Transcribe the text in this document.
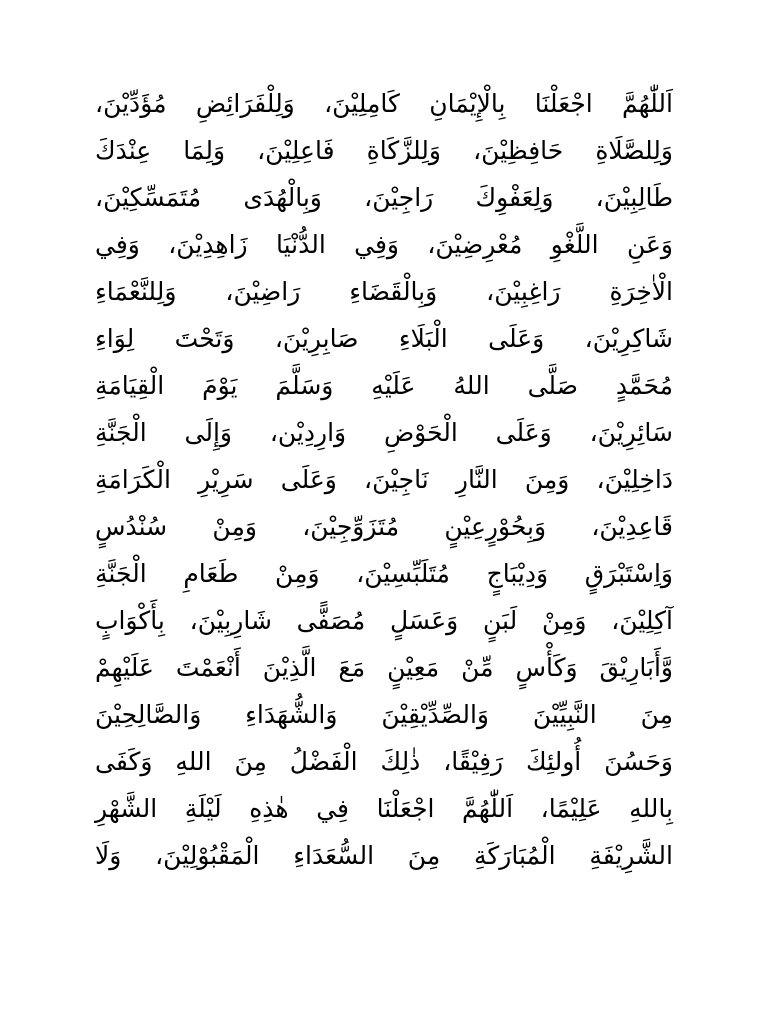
اَللّٰهُمَّ اجْعَلْنَا بِالْإِيْمَانِ كَامِلِيْنَ، وَلِلْفَرَائِضِ مُؤَدِّيْنَ،
وَلِلصَّلَاةِ حَافِظِيْنَ، وَلِلزَّكَاةِ فَاعِلِيْنَ، وَلِمَا عِنْدَكَ
طَالِبِيْنَ، وَلِعَفْوِكَ رَاجِيْنَ، وَبِالْهُدَى مُتَمَسِّكِيْنَ،
وَعَنِ اللَّغْوِ مُعْرِضِيْنَ، وَفِي الدُّنْيَا زَاهِدِيْنَ، وَفِي
الْاٰخِرَةِ رَاغِبِيْنَ، وَبِالْقَضَاءِ رَاضِيْنَ، وَلِلنَّعْمَاءِ
شَاكِرِيْنَ، وَعَلَى الْبَلَاءِ صَابِرِيْنَ، وَتَحْتَ لِوَاءِ
مُحَمَّدٍ صَلَّى اللهُ عَلَيْهِ وَسَلَّمَ يَوْمَ الْقِيَامَةِ
سَائِرِيْنَ، وَعَلَى الْحَوْضِ وَارِدِيْن، وَإِلَى الْجَنَّةِ
دَاخِلِيْنَ، وَمِنَ النَّارِ نَاجِيْنَ، وَعَلَى سَرِيْرِ الْكَرَامَةِ
قَاعِدِيْنَ، وَبِحُوْرٍعِيْنٍ مُتَزَوِّجِيْنَ، وَمِنْ سُنْدُسٍ
وَاِسْتَبْرَقٍ وَدِيْبَاجٍ مُتَلَبِّسِيْنَ، وَمِنْ طَعَامِ الْجَنَّةِ
آكِلِيْنَ، وَمِنْ لَبَنٍ وَعَسَلٍ مُصَفًّى شَارِبِيْنَ، بِأَكْوَابٍ
وَّأَبَارِيْقَ وَكَأْسٍ مِّنْ مَعِيْنٍ مَعَ الَّذِيْنَ أَنْعَمْتَ عَلَيْهِمْ
مِنَ النَّبِيِّيْنَ وَالصِّدِّيْقِيْنَ وَالشُّهَدَاءِ وَالصَّالِحِيْنَ
وَحَسُنَ أُولئِكَ رَفِيْقًا، ذٰلِكَ الْفَضْلُ مِنَ اللهِ وَكَفَى
بِاللهِ عَلِيْمًا، اَللّٰهُمَّ اجْعَلْنَا فِي هٰذِهِ لَيْلَةِ الشَّهْرِ
الشَّرِيْفَةِ الْمُبَارَكَةِ مِنَ السُّعَدَاءِ الْمَقْبُوْلِيْنَ، وَلَا
